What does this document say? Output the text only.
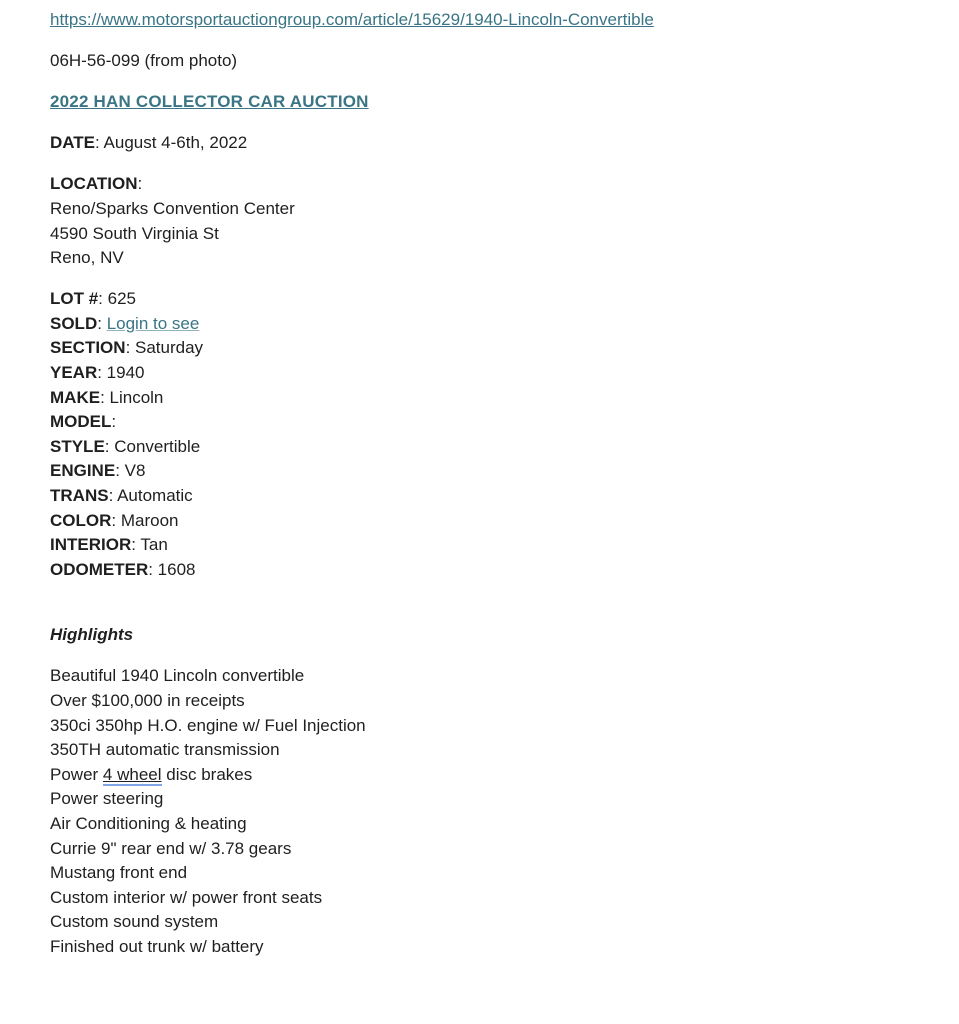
https://www.motorsportauctiongroup.com/article/15629/1940-Lincoln-Convertible

06H-56-099 (from photo)

2022 HAN COLLECTOR CAR AUCTION

DATE: August 4-6th, 2022

LOCATION:
Reno/Sparks Convention Center
4590 South Virginia St
Reno, NV

LOT #: 625
SOLD: Login to see
SECTION: Saturday
YEAR: 1940
MAKE: Lincoln
MODEL:
STYLE: Convertible
ENGINE: V8
TRANS: Automatic
COLOR: Maroon
INTERIOR: Tan
ODOMETER: 1608

Highlights

Beautiful 1940 Lincoln convertible
Over $100,000 in receipts
350ci 350hp H.O. engine w/ Fuel Injection
350TH automatic transmission
Power 4 wheel disc brakes
Power steering
Air Conditioning & heating
Currie 9" rear end w/ 3.78 gears
Mustang front end
Custom interior w/ power front seats
Custom sound system
Finished out trunk w/ battery
